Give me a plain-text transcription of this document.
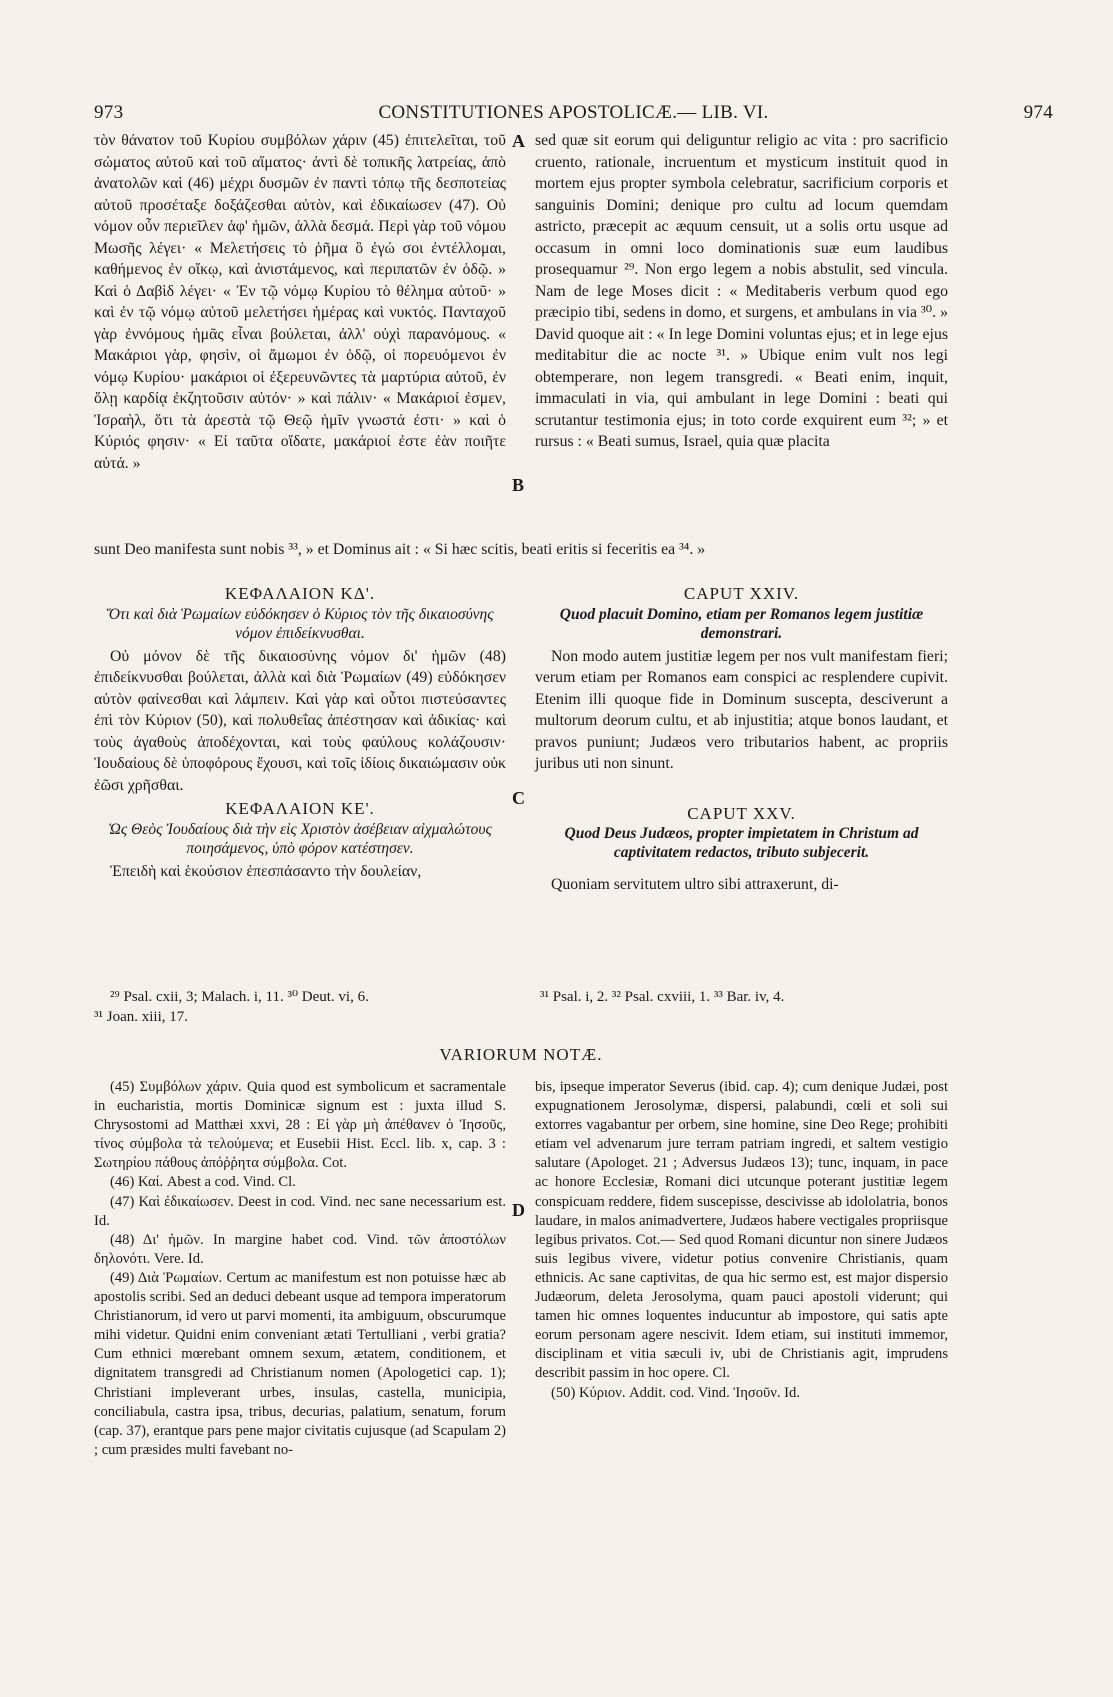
973	CONSTITUTIONES APOSTOLICÆ.— LIB. VI.	974

τὸν θάνατον τοῦ Κυρίου συμβόλων χάριν (45) ἐπιτελεῖται, τοῦ σώματος αὐτοῦ καὶ τοῦ αἵματος· ἀντὶ δὲ τοπικῆς λατρείας, ἀπὸ ἀνατολῶν καὶ (46) μέχρι δυσμῶν ἐν παντὶ τόπῳ τῆς δεσποτείας αὐτοῦ προσέταξε δοξάζεσθαι αὐτὸν, καὶ ἐδικαίωσεν (47). Οὐ νόμον οὖν περιεῖλεν ἀφ' ἡμῶν, ἀλλὰ δεσμά. Περὶ γὰρ τοῦ νόμου Μωσῆς λέγει· « Μελετήσεις τὸ ῥῆμα ὃ ἐγώ σοι ἐντέλλομαι, καθήμενος ἐν οἴκῳ, καὶ ἀνιστάμενος, καὶ περιπατῶν ἐν ὁδῷ. » Καὶ ὁ Δαβὶδ λέγει· « Ἐν τῷ νόμῳ Κυρίου τὸ θέλημα αὐτοῦ· » καὶ ἐν τῷ νόμῳ αὐτοῦ μελετήσει ἡμέρας καὶ νυκτός. Πανταχοῦ γὰρ ἐννόμους ἡμᾶς εἶναι βούλεται, ἀλλ' οὐχὶ παρανόμους. « Μακάριοι γὰρ, φησὶν, οἱ ἄμωμοι ἐν ὁδῷ, οἱ πορευόμενοι ἐν νόμῳ Κυρίου· μακάριοι οἱ ἐξερευνῶντες τὰ μαρτύρια αὐτοῦ, ἐν ὅλῃ καρδίᾳ ἐκζητοῦσιν αὐτόν· » καὶ πάλιν· « Μακάριοί ἐσμεν, Ἰσραὴλ, ὅτι τὰ ἀρεστὰ τῷ Θεῷ ἡμῖν γνωστά ἐστι· » καὶ ὁ Κύριός φησιν· « Εἰ ταῦτα οἴδατε, μακάριοί ἐστε ἐὰν ποιῆτε αὐτά. »

A sed quæ sit eorum qui deliguntur religio ac vita : pro sacrificio cruento, rationale, incruentum et mysticum instituit quod in mortem ejus propter symbola celebratur, sacrificium corporis et sanguinis Domini; denique pro cultu ad locum quemdam astricto, præcepit ac æquum censuit, ut a solis ortu usque ad occasum in omni loco dominationis suæ eum laudibus prosequamur ²⁹. Non ergo legem a nobis abstulit, sed vincula. Nam de lege Moses dicit : « Meditaberis verbum quod ego præcipio tibi, sedens in domo, et surgens, et ambulans in via ³⁰. » David quoque ait : « In lege Domini voluntas ejus; et in lege ejus meditabitur die ac nocte ³¹. » Ubique enim vult nos legi obtemperare, non legem transgredi. « Beati enim, inquit, immaculati in via, qui ambulant in lege Domini : beati qui scrutantur testimonia ejus; in toto corde exquirent eum ³²; » et rursus : « Beati sumus, Israel, quia quæ placita

B
sunt Deo manifesta sunt nobis ³³, » et Dominus ait : « Si hæc scitis, beati eritis si feceritis ea ³⁴. »
ΚΕΦΑΛΑΙΟΝ ΚΔ'.
Ὅτι καὶ διὰ Ῥωμαίων εὐδόκησεν ὁ Κύριος τὸν τῆς δικαιοσύνης νόμον ἐπιδείκνυσθαι.

Οὐ μόνον δὲ τῆς δικαιοσύνης νόμον δι' ἡμῶν (48) ἐπιδείκνυσθαι βούλεται, ἀλλὰ καὶ διὰ Ῥωμαίων (49) εὐδόκησεν αὐτὸν φαίνεσθαι καὶ λάμπειν. Καὶ γὰρ καὶ οὗτοι πιστεύσαντες ἐπὶ τὸν Κύριον (50), καὶ πολυθεΐας ἀπέστησαν καὶ ἀδικίας· καὶ τοὺς ἀγαθοὺς ἀποδέχονται, καὶ τοὺς φαύλους κολάζουσιν· Ἰουδαίους δὲ ὑποφόρους ἔχουσι, καὶ τοῖς ἰδίοις δικαιώμασιν οὐκ ἐῶσι χρῆσθαι.

ΚΕΦΑΛΑΙΟΝ ΚΕ'.
Ὡς Θεὸς Ἰουδαίους διὰ τὴν εἰς Χριστὸν ἀσέβειαν αἰχμαλώτους ποιησάμενος, ὑπὸ φόρον κατέστησεν.

Ἐπειδὴ καὶ ἑκούσιον ἐπεσπάσαντο τὴν δουλείαν,

C
CAPUT XXIV.
Quod placuit Domino, etiam per Romanos legem justitiæ demonstrari.

Non modo autem justitiæ legem per nos vult manifestam fieri; verum etiam per Romanos eam conspici ac resplendere cupivit. Etenim illi quoque fide in Dominum suscepta, desciverunt a multorum deorum cultu, et ab injustitia; atque bonos laudant, et pravos puniunt; Judæos vero tributarios habent, ac propriis juribus uti non sinunt.

CAPUT XXV.
Quod Deus Judæos, propter impietatem in Christum ad captivitatem redactos, tributo subjecerit.

Quoniam servitutem ultro sibi attraxerunt, di-

²⁹ Psal. cxii, 3; Malach. i, 11. ³⁰ Deut. vi, 6.
³¹ Joan. xiii, 17.
³¹ Psal. i, 2. ³² Psal. cxviii, 1. ³³ Bar. iv, 4.
VARIORUM NOTÆ.

(45) Συμβόλων χάριν. Quia quod est symbolicum et sacramentale in eucharistia, mortis Dominicæ signum est : juxta illud S. Chrysostomi ad Matthæi xxvi, 28 : Εἰ γὰρ μὴ ἀπέθανεν ὁ Ἰησοῦς, τίνος σύμβολα τὰ τελούμενα; et Eusebii Hist. Eccl. lib. x, cap. 3 : Σωτηρίου πάθους ἀπόῤῥητα σύμβολα. Cot.

(46) Καί. Abest a cod. Vind. Cl.

(47) Καὶ ἐδικαίωσεν. Deest in cod. Vind. nec sane necessarium est. Id.

(48) Δι' ἡμῶν. In margine habet cod. Vind. τῶν ἀποστόλων δηλονότι. Vere. Id.

(49) Διὰ Ῥωμαίων. Certum ac manifestum est non potuisse hæc ab apostolis scribi. Sed an deduci debeant usque ad tempora imperatorum Christianorum, id vero ut parvi momenti, ita ambiguum, obscurumque mihi videtur. Quidni enim conveniant ætati Tertulliani , verbi gratia? Cum ethnici mœrebant omnem sexum, ætatem, conditionem, et dignitatem transgredi ad Christianum nomen (Apologetici cap. 1); Christiani impleverant urbes, insulas, castella, municipia, conciliabula, castra ipsa, tribus, decurias, palatium, senatum, forum (cap. 37), erantque pars pene major civitatis cujusque (ad Scapulam 2) ; cum præsides multi favebant no-

D

bis, ipseque imperator Severus (ibid. cap. 4); cum denique Judæi, post expugnationem Jerosolymæ, dispersi, palabundi, cœli et soli sui extorres vagabantur per orbem, sine homine, sine Deo Rege; prohibiti etiam vel advenarum jure terram patriam ingredi, et saltem vestigio salutare (Apologet. 21 ; Adversus Judæos 13); tunc, inquam, in pace ac honore Ecclesiæ, Romani dici utcunque poterant justitiæ legem conspicuam reddere, fidem suscepisse, descivisse ab idololatria, bonos laudare, in malos animadvertere, Judæos habere vectigales propriisque legibus privatos. Cot.— Sed quod Romani dicuntur non sinere Judæos suis legibus vivere, videtur potius convenire Christianis, quam ethnicis. Ac sane captivitas, de qua hic sermo est, est major dispersio Judæorum, deleta Jerosolyma, quam pauci apostoli viderunt; qui tamen hic omnes loquentes inducuntur ab impostore, qui satis apte eorum personam agere nescivit. Idem etiam, sui instituti immemor, disciplinam et vitia sæculi iv, ubi de Christianis agit, imprudens describit passim in hoc opere. Cl.

(50) Κύριον. Addit. cod. Vind. Ἰησοῦν. Id.
